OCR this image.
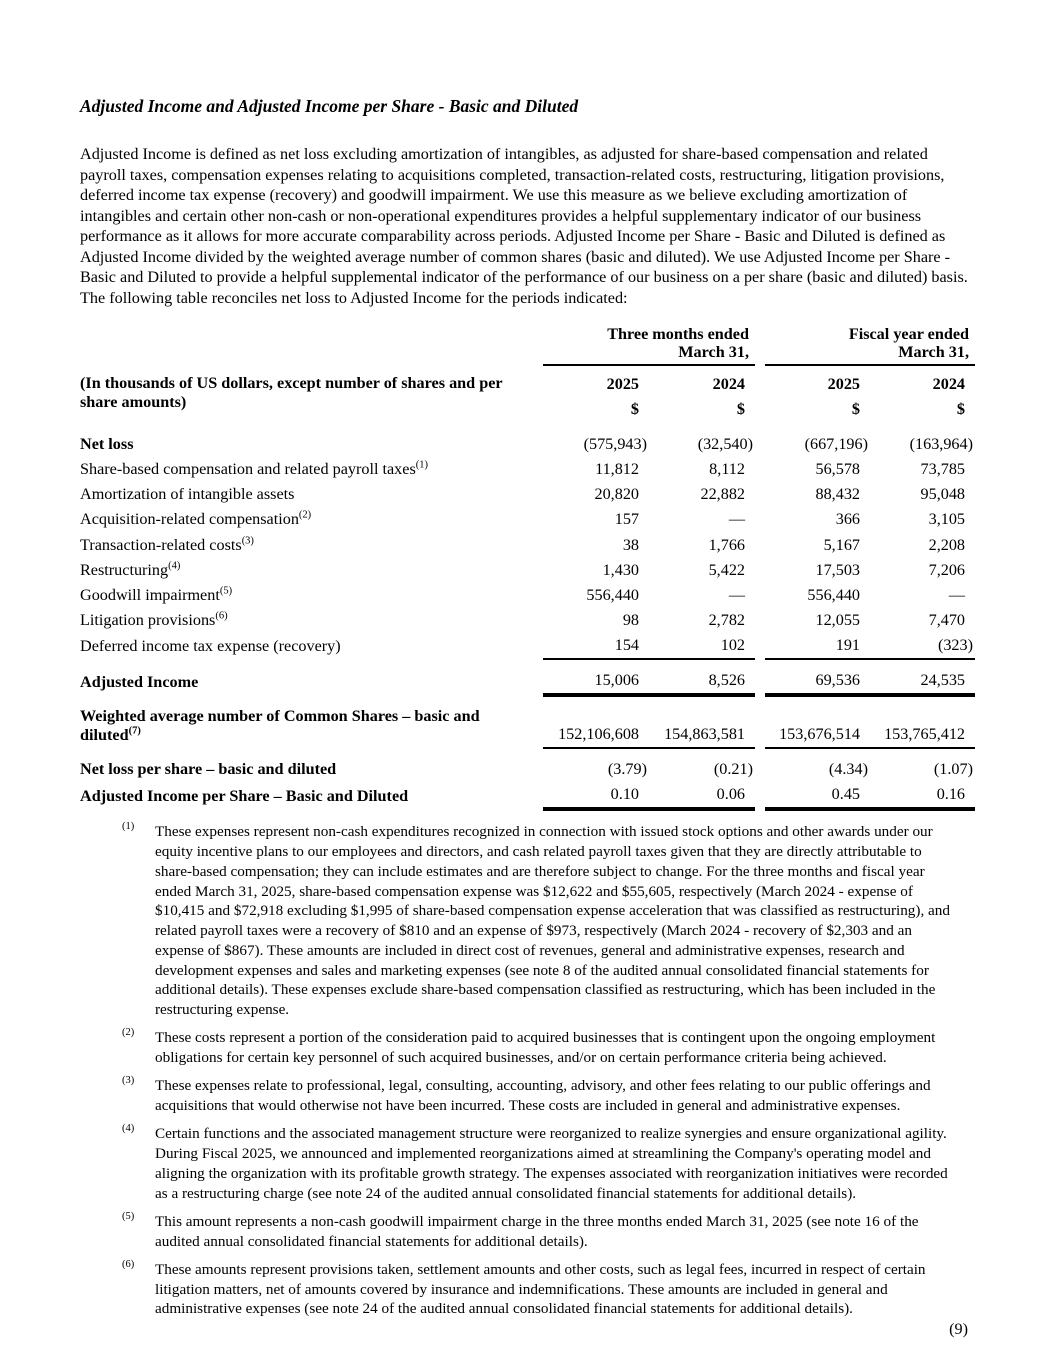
Adjusted Income and Adjusted Income per Share - Basic and Diluted

Adjusted Income is defined as net loss excluding amortization of intangibles, as adjusted for share-based compensation and related payroll taxes, compensation expenses relating to acquisitions completed, transaction-related costs, restructuring, litigation provisions, deferred income tax expense (recovery) and goodwill impairment. We use this measure as we believe excluding amortization of intangibles and certain other non-cash or non-operational expenditures provides a helpful supplementary indicator of our business performance as it allows for more accurate comparability across periods. Adjusted Income per Share - Basic and Diluted is defined as Adjusted Income divided by the weighted average number of common shares (basic and diluted). We use Adjusted Income per Share - Basic and Diluted to provide a helpful supplemental indicator of the performance of our business on a per share (basic and diluted) basis. The following table reconciles net loss to Adjusted Income for the periods indicated:

	Three months ended
March 31,			Fiscal year ended
March 31,	
(In thousands of US dollars, except number of shares and per share amounts)	2025	2024		2025	2024
	$	$		$	$
Net loss	(575,943)	(32,540)		(667,196)	(163,964)
Share-based compensation and related payroll taxes$^{(1)}$	11,812	8,112		56,578	73,785
Amortization of intangible assets	20,820	22,882		88,432	95,048
Acquisition-related compensation$^{(2)}$	157	—		366	3,105
Transaction-related costs$^{(3)}$	38	1,766		5,167	2,208
Restructuring$^{(4)}$	1,430	5,422		17,503	7,206
Goodwill impairment$^{(5)}$	556,440	—		556,440	—
Litigation provisions$^{(6)}$	98	2,782		12,055	7,470
Deferred income tax expense (recovery)	154	102		191	(323)

Adjusted Income	15,006	8,526		69,536	24,535

Weighted average number of Common Shares – basic and diluted$^{(7)}$	152,106,608	154,863,581		153,676,514	153,765,412

Net loss per share – basic and diluted	(3.79)	(0.21)		(4.34)	(1.07)
Adjusted Income per Share – Basic and Diluted	0.10	0.06		0.45	0.16
(1) These expenses represent non-cash expenditures recognized in connection with issued stock options and other awards under our equity incentive plans to our employees and directors, and cash related payroll taxes given that they are directly attributable to share-based compensation; they can include estimates and are therefore subject to change. For the three months and fiscal year ended March 31, 2025, share-based compensation expense was $12,622 and $55,605, respectively (March 2024 - expense of $10,415 and $72,918 excluding $1,995 of share-based compensation expense acceleration that was classified as restructuring), and related payroll taxes were a recovery of $810 and an expense of $973, respectively (March 2024 - recovery of $2,303 and an expense of $867). These amounts are included in direct cost of revenues, general and administrative expenses, research and development expenses and sales and marketing expenses (see note 8 of the audited annual consolidated financial statements for additional details). These expenses exclude share-based compensation classified as restructuring, which has been included in the restructuring expense.
(2) These costs represent a portion of the consideration paid to acquired businesses that is contingent upon the ongoing employment obligations for certain key personnel of such acquired businesses, and/or on certain performance criteria being achieved.
(3) These expenses relate to professional, legal, consulting, accounting, advisory, and other fees relating to our public offerings and acquisitions that would otherwise not have been incurred. These costs are included in general and administrative expenses.
(4) Certain functions and the associated management structure were reorganized to realize synergies and ensure organizational agility. During Fiscal 2025, we announced and implemented reorganizations aimed at streamlining the Company's operating model and aligning the organization with its profitable growth strategy. The expenses associated with reorganization initiatives were recorded as a restructuring charge (see note 24 of the audited annual consolidated financial statements for additional details).
(5) This amount represents a non-cash goodwill impairment charge in the three months ended March 31, 2025 (see note 16 of the audited annual consolidated financial statements for additional details).
(6) These amounts represent provisions taken, settlement amounts and other costs, such as legal fees, incurred in respect of certain litigation matters, net of amounts covered by insurance and indemnifications. These amounts are included in general and administrative expenses (see note 24 of the audited annual consolidated financial statements for additional details).
(9)
